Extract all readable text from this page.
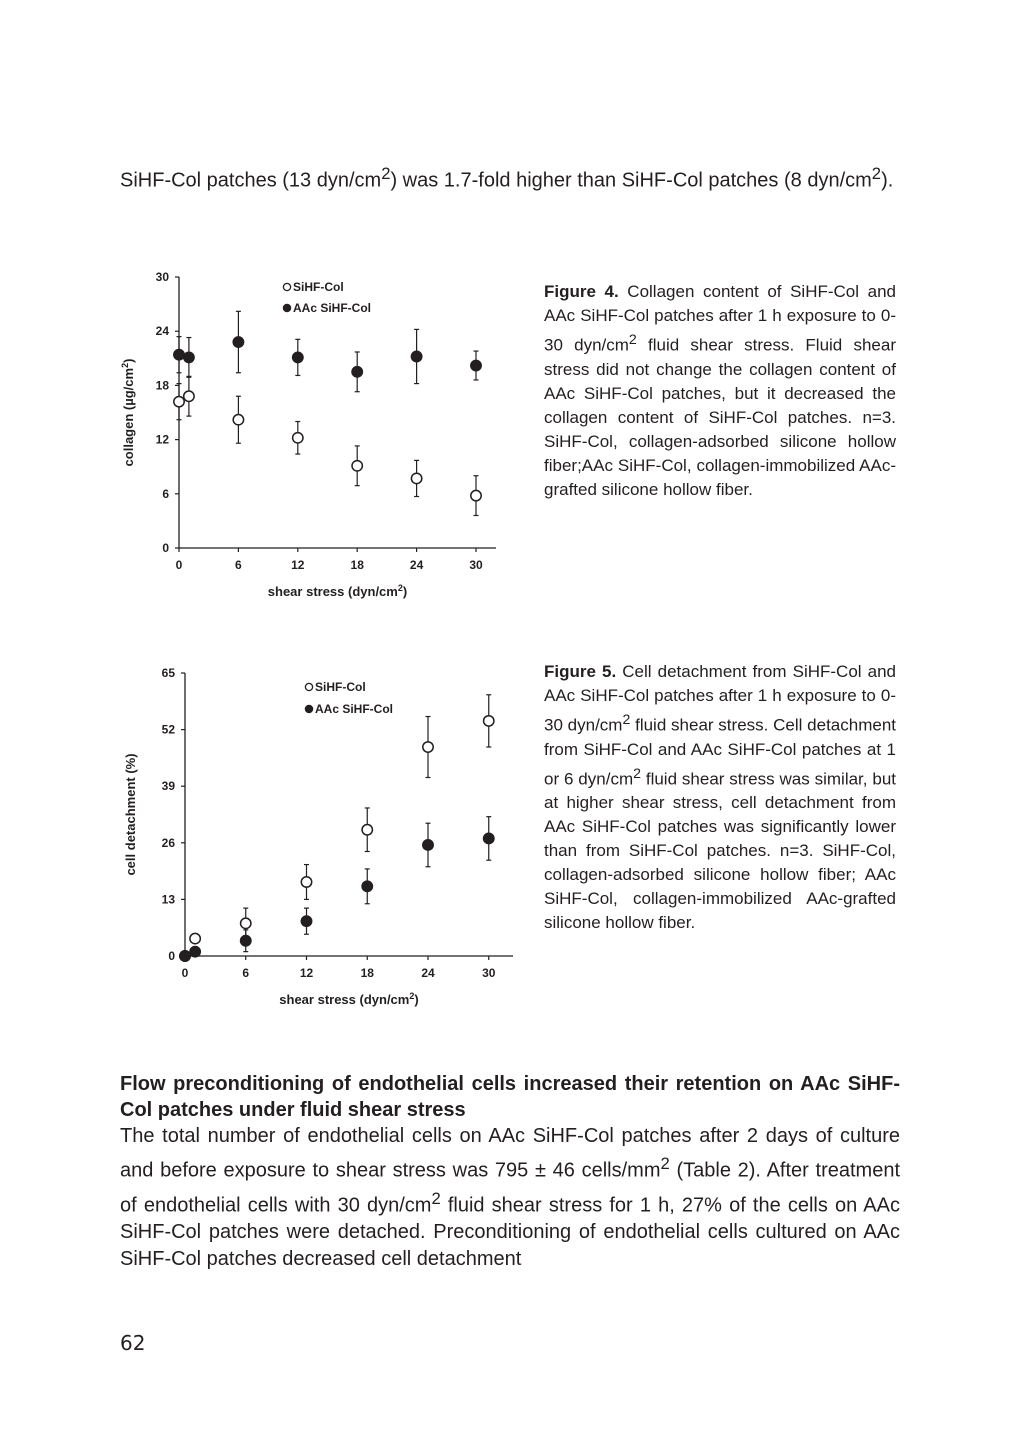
SiHF-Col patches (13 dyn/$cm^2$) was 1.7-fold higher than SiHF-Col patches (8 dyn/$cm^2$).

0
6
12
18
24
30
0	6	12	18	24	30
shear stress $(dyn/cm^2)$
collagen $(\mu g/cm^2)$
SiHF-Col
AAc SiHF-Col

Figure 4. Collagen content of SiHF-Col and AAc SiHF-Col patches after 1 h exposure to 0-30 dyn/$cm^2$ fluid shear stress. Fluid shear stress did not change the collagen content of AAc SiHF-Col patches, but it decreased the collagen content of SiHF-Col patches. n=3. SiHF-Col, collagen-adsorbed silicone hollow fiber;AAc SiHF-Col, collagen-immobilized AAc-grafted silicone hollow fiber.

0
13
26
39
52
65
0	6	12	18	24	30
shear stress $(dyn/cm^2)$
cell detachment (%)
SiHF-Col
AAc SiHF-Col

Figure 5. Cell detachment from SiHF-Col and AAc SiHF-Col patches after 1 h exposure to 0-30 dyn/$cm^2$ fluid shear stress. Cell detachment from SiHF-Col and AAc SiHF-Col patches at 1 or 6 dyn/$cm^2$ fluid shear stress was similar, but at higher shear stress, cell detachment from AAc SiHF-Col patches was significantly lower than from SiHF-Col patches. n=3. SiHF-Col, collagen-adsorbed silicone hollow fiber; AAc SiHF-Col, collagen-immobilized AAc-grafted silicone hollow fiber.

Flow preconditioning of endothelial cells increased their retention on AAc SiHF-Col patches under fluid shear stress

The total number of endothelial cells on AAc SiHF-Col patches after 2 days of culture and before exposure to shear stress was 795 ± 46 cells/$mm^2$ (Table 2). After treatment of endothelial cells with 30 dyn/$cm^2$ fluid shear stress for 1 h, 27% of the cells on AAc SiHF-Col patches were detached. Preconditioning of endothelial cells cultured on AAc SiHF-Col patches decreased cell detachment

62
